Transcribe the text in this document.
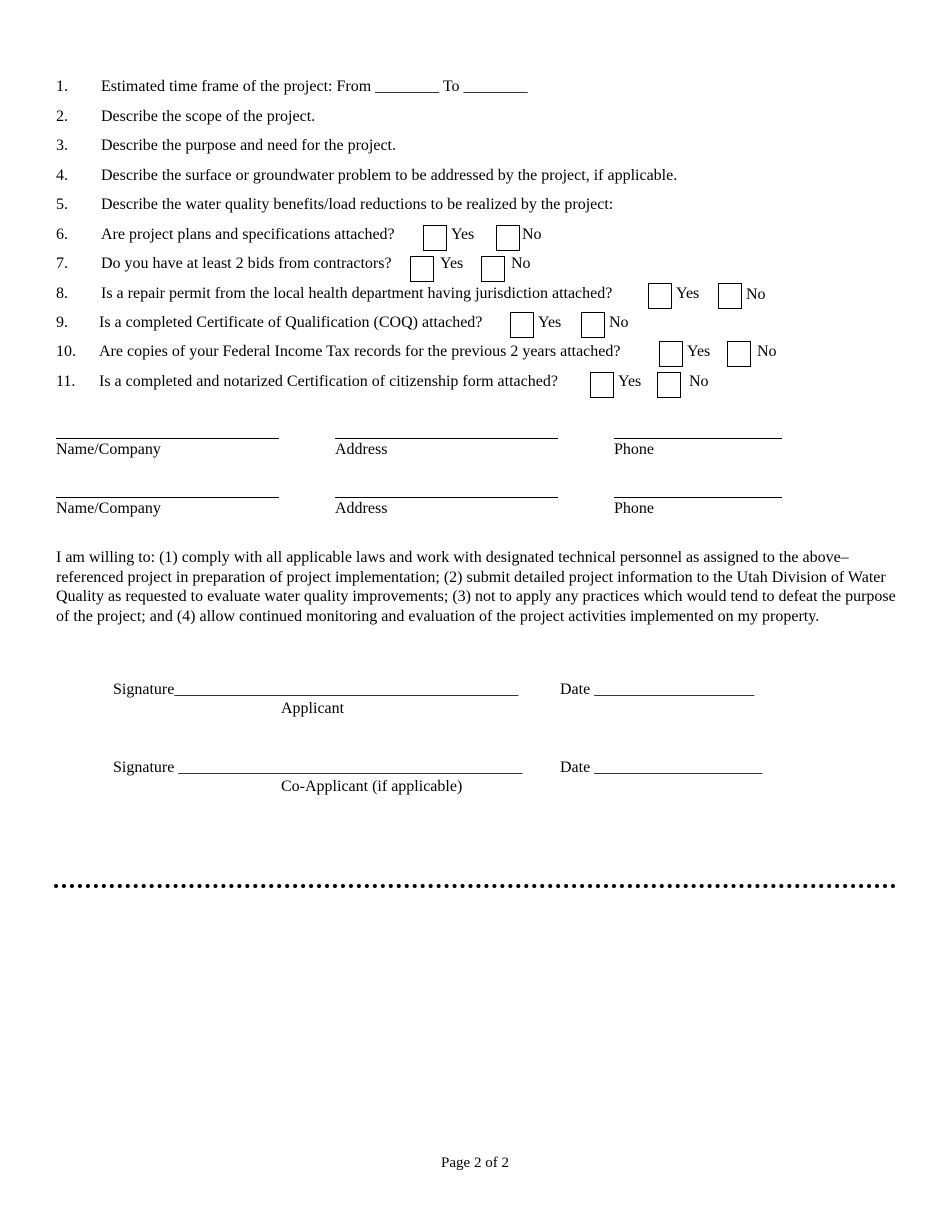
1. Estimated time frame of the project: From ________ To ________
2. Describe the scope of the project.
3. Describe the purpose and need for the project.
4. Describe the surface or groundwater problem to be addressed by the project, if applicable.
5. Describe the water quality benefits/load reductions to be realized by the project:
6. Are project plans and specifications attached?	Yes	No
7. Do you have at least 2 bids from contractors?	Yes	No
8. Is a repair permit from the local health department having jurisdiction attached?	Yes	No
9. Is a completed Certificate of Qualification (COQ) attached?	Yes	No
10. Are copies of your Federal Income Tax records for the previous 2 years attached?	Yes	No
11. Is a completed and notarized Certification of citizenship form attached?	Yes	No
Name/Company	Address	Phone
Name/Company	Address	Phone
I am willing to: (1) comply with all applicable laws and work with designated technical personnel as assigned to the above–referenced project in preparation of project implementation; (2) submit detailed project information to the Utah Division of Water Quality as requested to evaluate water quality improvements; (3) not to apply any practices which would tend to defeat the purpose of the project; and (4) allow continued monitoring and evaluation of the project activities implemented on my property.
Signature___________________________________________	Date ____________________
Applicant
Signature ___________________________________________ Date _____________________
Co-Applicant (if applicable)
Page 2 of 2
